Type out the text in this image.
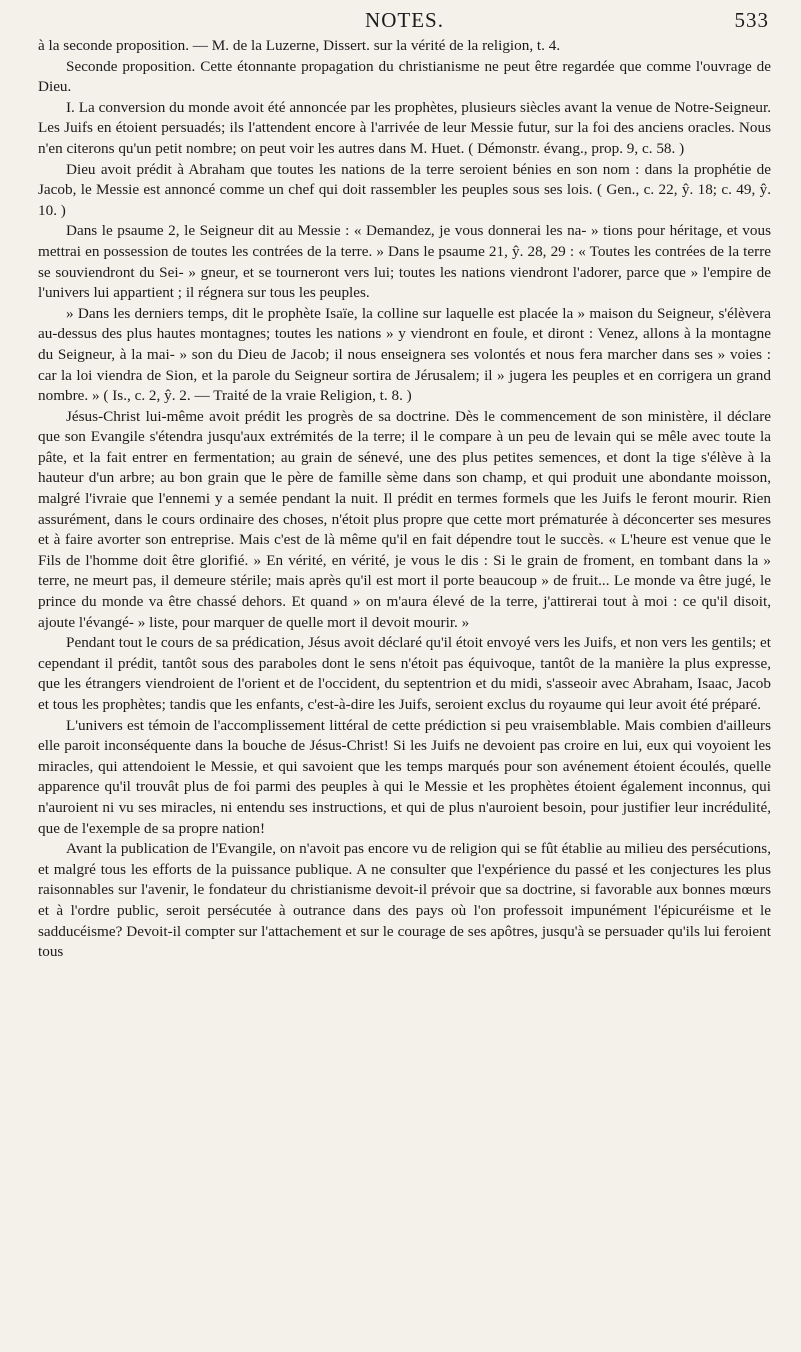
NOTES.	533

à la seconde proposition. — M. de la Luzerne, Dissert. sur la vérité de la religion, t. 4.

Seconde proposition. Cette étonnante propagation du christianisme ne peut être regardée que comme l'ouvrage de Dieu.

I. La conversion du monde avoit été annoncée par les prophètes, plusieurs siècles avant la venue de Notre-Seigneur. Les Juifs en étoient persuadés; ils l'attendent encore à l'arrivée de leur Messie futur, sur la foi des anciens oracles. Nous n'en citerons qu'un petit nombre; on peut voir les autres dans M. Huet. ( Démonstr. évang., prop. 9, c. 58. )

Dieu avoit prédit à Abraham que toutes les nations de la terre seroient bénies en son nom : dans la prophétie de Jacob, le Messie est annoncé comme un chef qui doit rassembler les peuples sous ses lois. ( Gen., c. 22, ŷ. 18; c. 49, ŷ. 10. )

Dans le psaume 2, le Seigneur dit au Messie : « Demandez, je vous donnerai les na- » tions pour héritage, et vous mettrai en possession de toutes les contrées de la terre. » Dans le psaume 21, ŷ. 28, 29 : « Toutes les contrées de la terre se souviendront du Sei- » gneur, et se tourneront vers lui; toutes les nations viendront l'adorer, parce que » l'empire de l'univers lui appartient ; il régnera sur tous les peuples.

» Dans les derniers temps, dit le prophète Isaïe, la colline sur laquelle est placée la » maison du Seigneur, s'élèvera au-dessus des plus hautes montagnes; toutes les nations » y viendront en foule, et diront : Venez, allons à la montagne du Seigneur, à la mai- » son du Dieu de Jacob; il nous enseignera ses volontés et nous fera marcher dans ses » voies : car la loi viendra de Sion, et la parole du Seigneur sortira de Jérusalem; il » jugera les peuples et en corrigera un grand nombre. » ( Is., c. 2, ŷ. 2. — Traité de la vraie Religion, t. 8. )

Jésus-Christ lui-même avoit prédit les progrès de sa doctrine. Dès le commencement de son ministère, il déclare que son Evangile s'étendra jusqu'aux extrémités de la terre; il le compare à un peu de levain qui se mêle avec toute la pâte, et la fait entrer en fermentation; au grain de sénevé, une des plus petites semences, et dont la tige s'élève à la hauteur d'un arbre; au bon grain que le père de famille sème dans son champ, et qui produit une abondante moisson, malgré l'ivraie que l'ennemi y a semée pendant la nuit. Il prédit en termes formels que les Juifs le feront mourir. Rien assurément, dans le cours ordinaire des choses, n'étoit plus propre que cette mort prématurée à déconcerter ses mesures et à faire avorter son entreprise. Mais c'est de là même qu'il en fait dépendre tout le succès. « L'heure est venue que le Fils de l'homme doit être glorifié. » En vérité, en vérité, je vous le dis : Si le grain de froment, en tombant dans la » terre, ne meurt pas, il demeure stérile; mais après qu'il est mort il porte beaucoup » de fruit... Le monde va être jugé, le prince du monde va être chassé dehors. Et quand » on m'aura élevé de la terre, j'attirerai tout à moi : ce qu'il disoit, ajoute l'évangé- » liste, pour marquer de quelle mort il devoit mourir. »

Pendant tout le cours de sa prédication, Jésus avoit déclaré qu'il étoit envoyé vers les Juifs, et non vers les gentils; et cependant il prédit, tantôt sous des paraboles dont le sens n'étoit pas équivoque, tantôt de la manière la plus expresse, que les étrangers viendroient de l'orient et de l'occident, du septentrion et du midi, s'asseoir avec Abraham, Isaac, Jacob et tous les prophètes; tandis que les enfants, c'est-à-dire les Juifs, seroient exclus du royaume qui leur avoit été préparé.

L'univers est témoin de l'accomplissement littéral de cette prédiction si peu vraisemblable. Mais combien d'ailleurs elle paroit inconséquente dans la bouche de Jésus-Christ! Si les Juifs ne devoient pas croire en lui, eux qui voyoient les miracles, qui attendoient le Messie, et qui savoient que les temps marqués pour son avénement étoient écoulés, quelle apparence qu'il trouvât plus de foi parmi des peuples à qui le Messie et les prophètes étoient également inconnus, qui n'auroient ni vu ses miracles, ni entendu ses instructions, et qui de plus n'auroient besoin, pour justifier leur incrédulité, que de l'exemple de sa propre nation!

Avant la publication de l'Evangile, on n'avoit pas encore vu de religion qui se fût établie au milieu des persécutions, et malgré tous les efforts de la puissance publique. A ne consulter que l'expérience du passé et les conjectures les plus raisonnables sur l'avenir, le fondateur du christianisme devoit-il prévoir que sa doctrine, si favorable aux bonnes mœurs et à l'ordre public, seroit persécutée à outrance dans des pays où l'on professoit impunément l'épicuréisme et le sadducéisme? Devoit-il compter sur l'attachement et sur le courage de ses apôtres, jusqu'à se persuader qu'ils lui feroient tous
